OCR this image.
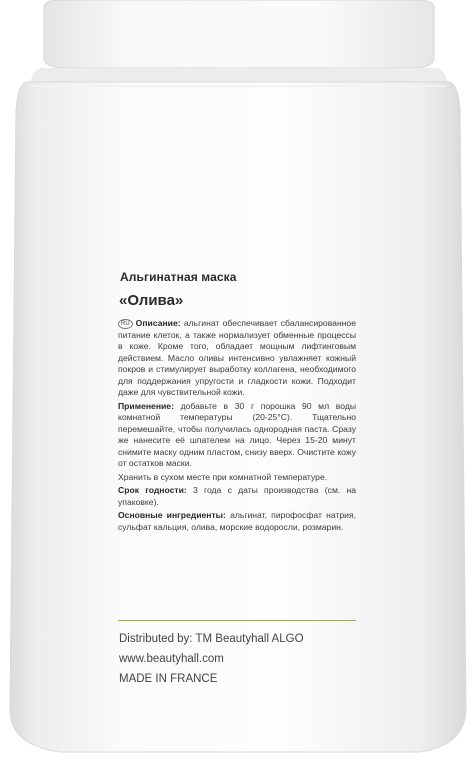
Альгинатная маска
«Олива»

RU Описание: альгинат обеспечивает сбалансированное питание клеток, а также нормализует обменные процессы в коже. Кроме того, обладает мощным лифтинговым действием. Масло оливы интенсивно увлажняет кожный покров и стимулирует выработку коллагена, необходимого для поддержания упругости и гладкости кожи. Подходит даже для чувствительной кожи.

Применение: добавьте в 30 г порошка 90 мл воды комнатной температуры (20-25°С). Тщательно перемешайте, чтобы получилась однородная паста. Сразу же нанесите её шпателем на лицо. Через 15-20 минут снимите маску одним пластом, снизу вверх. Очистите кожу от остатков маски.

Хранить в сухом месте при комнатной температуре.

Срок годности: 3 года с даты производства (см. на упаковке).

Основные ингредиенты: альгинат, пирофосфат натрия, сульфат кальция, олива, морские водоросли, розмарин.

Distributed by: TM Beautyhall ALGO
www.beautyhall.com
MADE IN FRANCE
